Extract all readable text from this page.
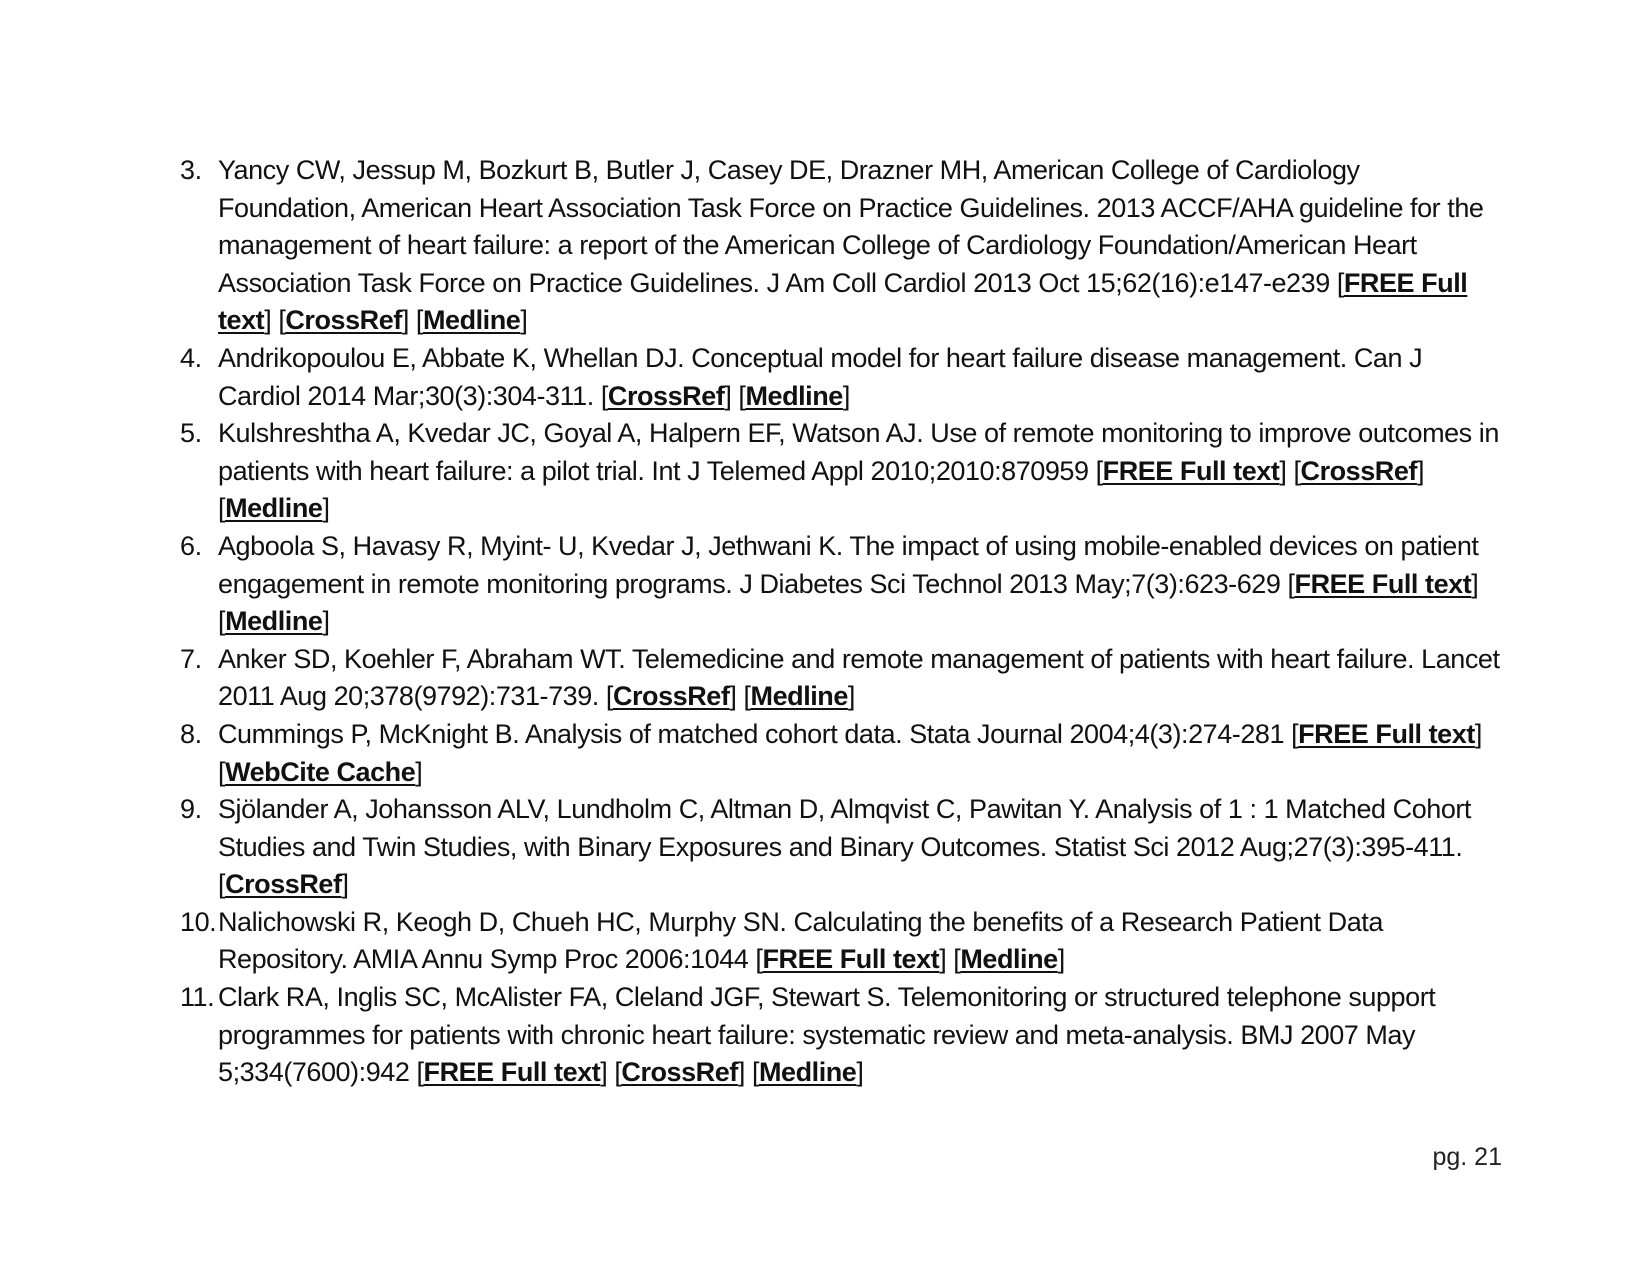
3. Yancy CW, Jessup M, Bozkurt B, Butler J, Casey DE, Drazner MH, American College of Cardiology Foundation, American Heart Association Task Force on Practice Guidelines. 2013 ACCF/AHA guideline for the management of heart failure: a report of the American College of Cardiology Foundation/American Heart Association Task Force on Practice Guidelines. J Am Coll Cardiol 2013 Oct 15;62(16):e147-e239 [FREE Full text] [CrossRef] [Medline]
4. Andrikopoulou E, Abbate K, Whellan DJ. Conceptual model for heart failure disease management. Can J Cardiol 2014 Mar;30(3):304-311. [CrossRef] [Medline]
5. Kulshreshtha A, Kvedar JC, Goyal A, Halpern EF, Watson AJ. Use of remote monitoring to improve outcomes in patients with heart failure: a pilot trial. Int J Telemed Appl 2010;2010:870959 [FREE Full text] [CrossRef] [Medline]
6. Agboola S, Havasy R, Myint- U, Kvedar J, Jethwani K. The impact of using mobile-enabled devices on patient engagement in remote monitoring programs. J Diabetes Sci Technol 2013 May;7(3):623-629 [FREE Full text] [Medline]
7. Anker SD, Koehler F, Abraham WT. Telemedicine and remote management of patients with heart failure. Lancet 2011 Aug 20;378(9792):731-739. [CrossRef] [Medline]
8. Cummings P, McKnight B. Analysis of matched cohort data. Stata Journal 2004;4(3):274-281 [FREE Full text] [WebCite Cache]
9. Sjölander A, Johansson ALV, Lundholm C, Altman D, Almqvist C, Pawitan Y. Analysis of 1 : 1 Matched Cohort Studies and Twin Studies, with Binary Exposures and Binary Outcomes. Statist Sci 2012 Aug;27(3):395-411. [CrossRef]
10. Nalichowski R, Keogh D, Chueh HC, Murphy SN. Calculating the benefits of a Research Patient Data Repository. AMIA Annu Symp Proc 2006:1044 [FREE Full text] [Medline]
11. Clark RA, Inglis SC, McAlister FA, Cleland JGF, Stewart S. Telemonitoring or structured telephone support programmes for patients with chronic heart failure: systematic review and meta-analysis. BMJ 2007 May 5;334(7600):942 [FREE Full text] [CrossRef] [Medline]
pg. 21
